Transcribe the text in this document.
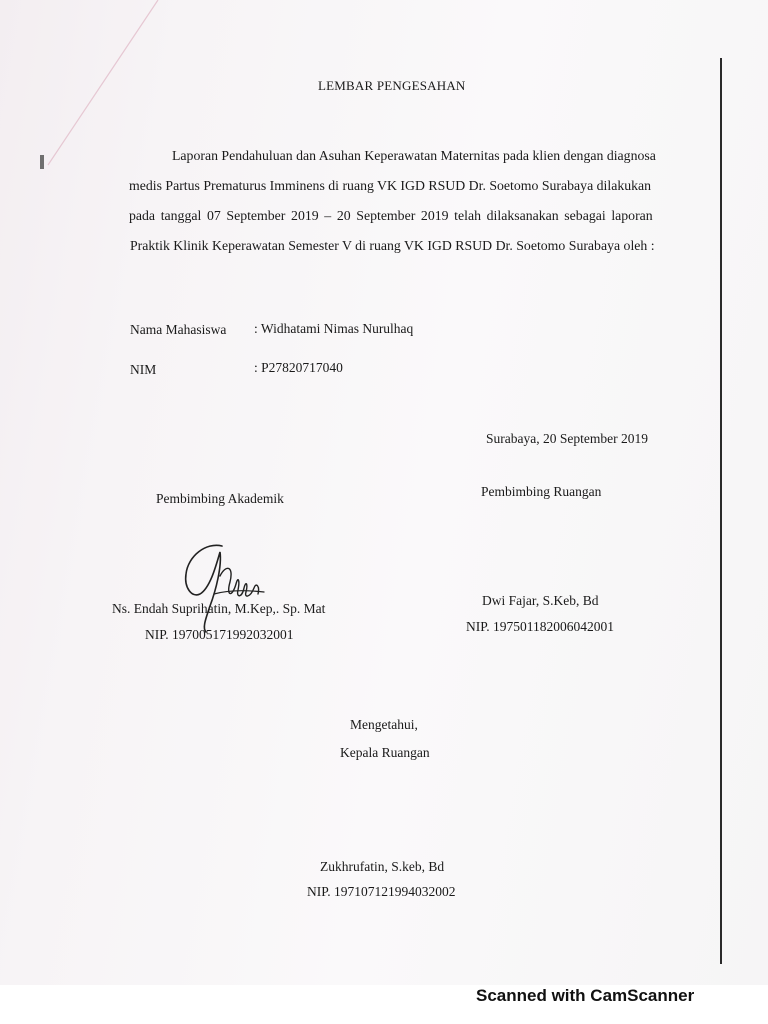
LEMBAR PENGESAHAN

Laporan Pendahuluan dan Asuhan Keperawatan Maternitas pada klien dengan diagnosa

medis Partus Prematurus Imminens di ruang VK IGD RSUD Dr. Soetomo Surabaya dilakukan

pada tanggal 07 September 2019 – 20 September 2019 telah dilaksanakan sebagai laporan

Praktik Klinik Keperawatan Semester V di ruang VK IGD RSUD Dr. Soetomo Surabaya oleh :

Nama Mahasiswa : Widhatami Nimas Nurulhaq

NIM	: P27820717040

Surabaya, 20 September 2019

Pembimbing Akademik	Pembimbing Ruangan

Ns. Endah Suprihatin, M.Kep,. Sp. Mat

NIP. 197005171992032001

Dwi Fajar, S.Keb, Bd

NIP. 197501182006042001

Mengetahui,

Kepala Ruangan

Zukhrufatin, S.keb, Bd

NIP. 197107121994032002

Scanned with CamScanner
